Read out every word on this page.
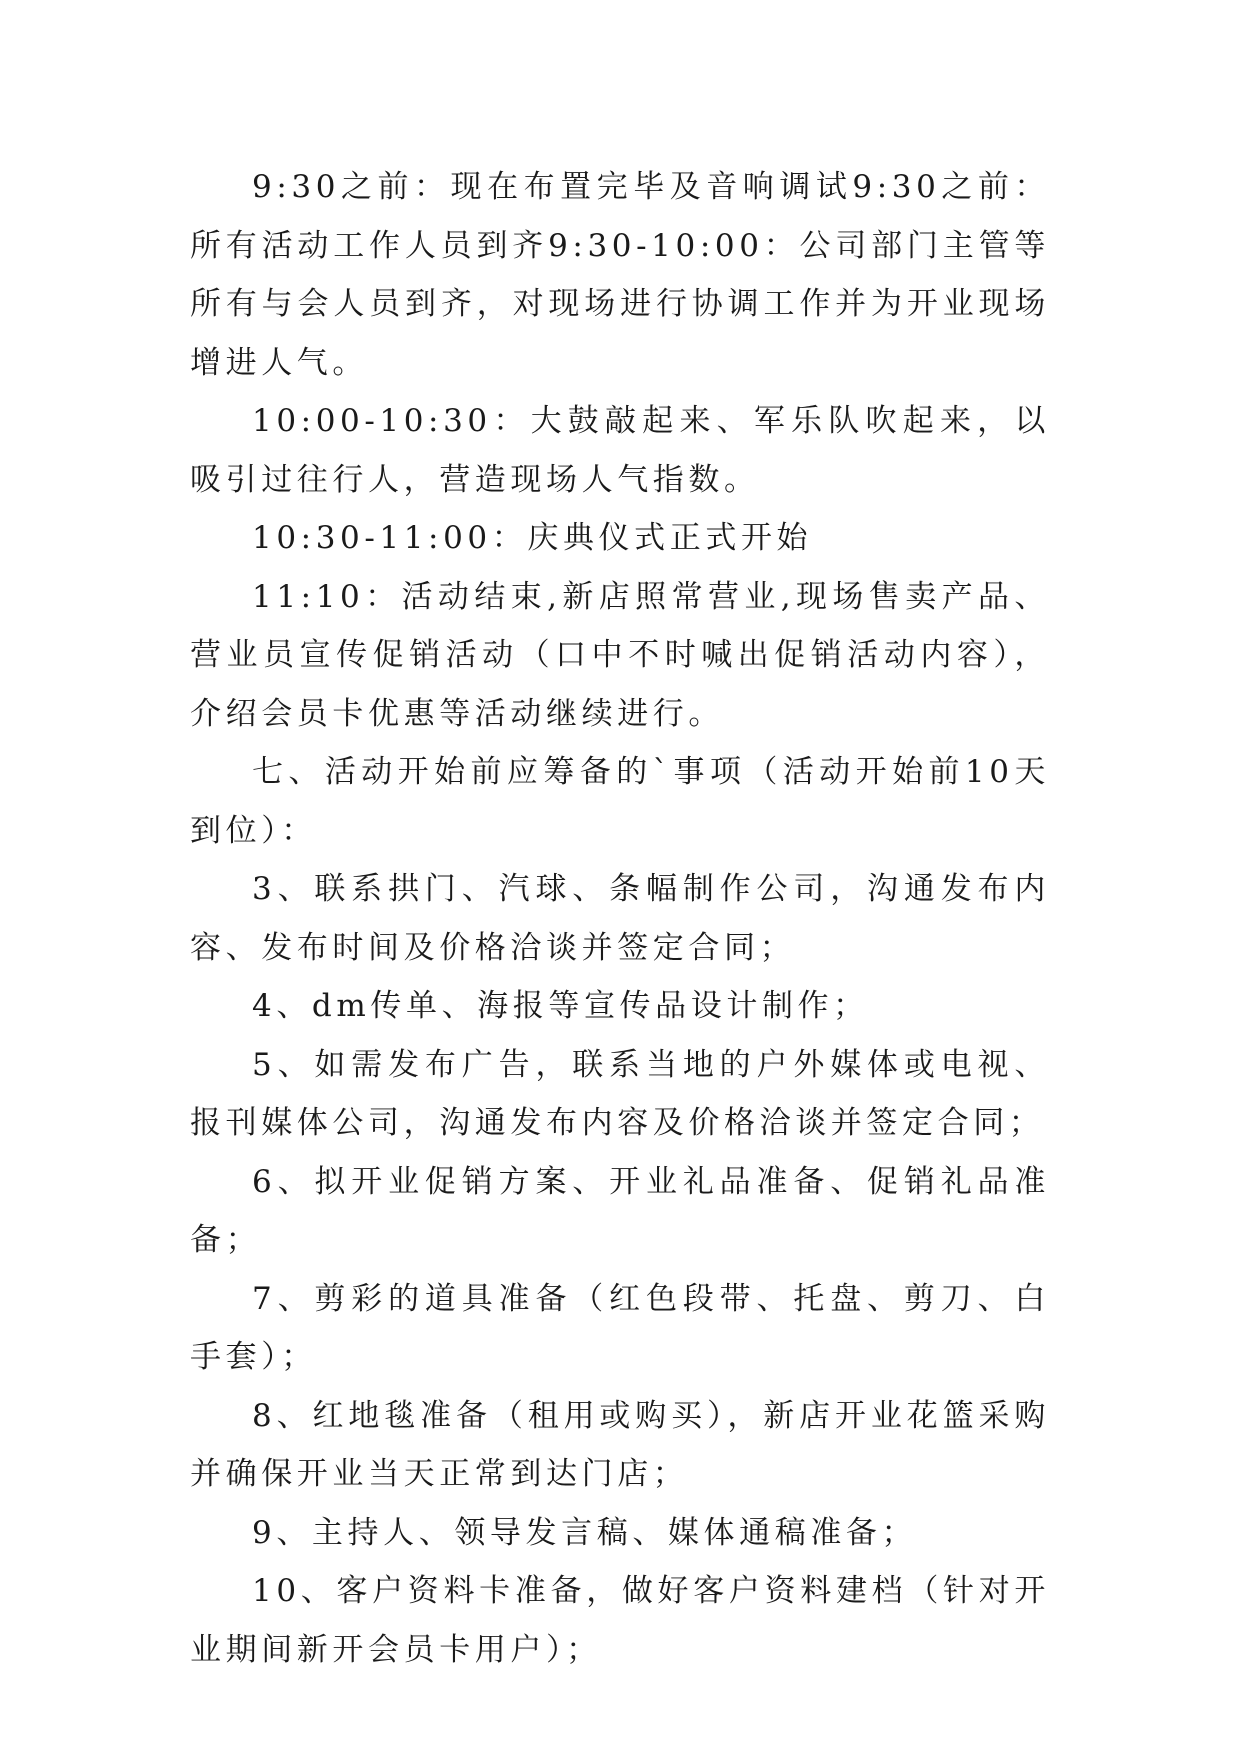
9:30之前：现在布置完毕及音响调试9:30之前：所有活动工作人员到齐9:30-10:00：公司部门主管等所有与会人员到齐，对现场进行协调工作并为开业现场增进人气。

10:00-10:30：大鼓敲起来、军乐队吹起来，以吸引过往行人，营造现场人气指数。

10:30-11:00：庆典仪式正式开始

11:10：活动结束,新店照常营业,现场售卖产品、营业员宣传促销活动（口中不时喊出促销活动内容），介绍会员卡优惠等活动继续进行。

七、活动开始前应筹备的`事项（活动开始前10天到位）：

3、联系拱门、汽球、条幅制作公司，沟通发布内容、发布时间及价格洽谈并签定合同；

4、dm传单、海报等宣传品设计制作；

5、如需发布广告，联系当地的户外媒体或电视、报刊媒体公司，沟通发布内容及价格洽谈并签定合同；

6、拟开业促销方案、开业礼品准备、促销礼品准备；

7、剪彩的道具准备（红色段带、托盘、剪刀、白手套）；

8、红地毯准备（租用或购买），新店开业花篮采购并确保开业当天正常到达门店；

9、主持人、领导发言稿、媒体通稿准备；

10、客户资料卡准备，做好客户资料建档（针对开业期间新开会员卡用户）；
